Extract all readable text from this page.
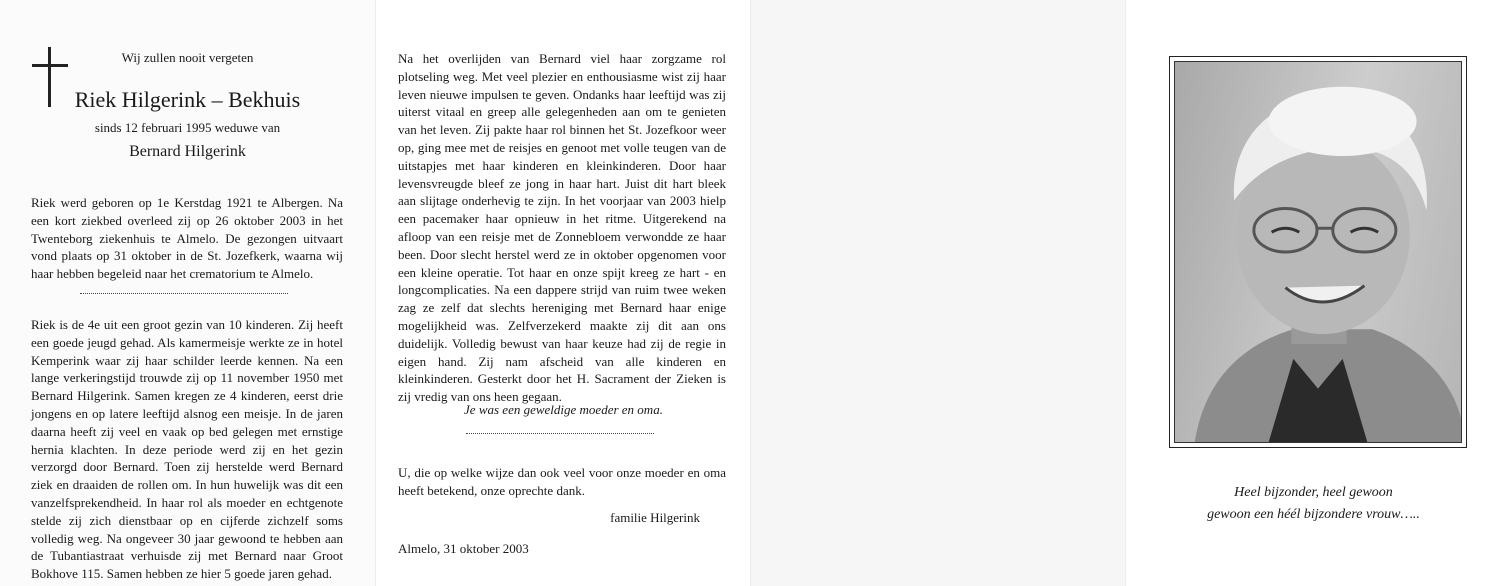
Wij zullen nooit vergeten
Riek Hilgerink – Bekhuis
sinds 12 februari 1995 weduwe van
Bernard Hilgerink

Riek werd geboren op 1e Kerstdag 1921 te Albergen. Na een kort ziekbed overleed zij op 26 oktober 2003 in het Twenteborg ziekenhuis te Almelo. De gezongen uitvaart vond plaats op 31 oktober in de St. Jozefkerk, waarna wij haar hebben begeleid naar het crematorium te Almelo.

Riek is de 4e uit een groot gezin van 10 kinderen. Zij heeft een goede jeugd gehad. Als kamermeisje werkte ze in hotel Kemperink waar zij haar schilder leerde kennen. Na een lange verkeringstijd trouwde zij op 11 november 1950 met Bernard Hilgerink. Samen kregen ze 4 kinderen, eerst drie jongens en op latere leeftijd alsnog een meisje. In de jaren daarna heeft zij veel en vaak op bed gelegen met ernstige hernia klachten. In deze periode werd zij en het gezin verzorgd door Bernard. Toen zij herstelde werd Bernard ziek en draaiden de rollen om. In hun huwelijk was dit een vanzelfsprekendheid. In haar rol als moeder en echtgenote stelde zij zich dienstbaar op en cijferde zichzelf soms volledig weg. Na ongeveer 30 jaar gewoond te hebben aan de Tubantiastraat verhuisde zij met Bernard naar Groot Bokhove 115. Samen hebben ze hier 5 goede jaren gehad.

Na het overlijden van Bernard viel haar zorgzame rol plotseling weg. Met veel plezier en enthousiasme wist zij haar leven nieuwe impulsen te geven. Ondanks haar leeftijd was zij uiterst vitaal en greep alle gelegenheden aan om te genieten van het leven. Zij pakte haar rol binnen het St. Jozefkoor weer op, ging mee met de reisjes en genoot met volle teugen van de uitstapjes met haar kinderen en kleinkinderen. Door haar levensvreugde bleef ze jong in haar hart. Juist dit hart bleek aan slijtage onderhevig te zijn. In het voorjaar van 2003 hielp een pacemaker haar opnieuw in het ritme. Uitgerekend na afloop van een reisje met de Zonnebloem verwondde ze haar been. Door slecht herstel werd ze in oktober opgenomen voor een kleine operatie. Tot haar en onze spijt kreeg ze hart - en longcomplicaties. Na een dappere strijd van ruim twee weken zag ze zelf dat slechts hereniging met Bernard haar enige mogelijkheid was. Zelfverzekerd maakte zij dit aan ons duidelijk. Volledig bewust van haar keuze had zij de regie in eigen hand. Zij nam afscheid van alle kinderen en kleinkinderen. Gesterkt door het H. Sacrament der Zieken is zij vredig van ons heen gegaan.

Je was een geweldige moeder en oma.

U, die op welke wijze dan ook veel voor onze moeder en oma heeft betekend, onze oprechte dank.

familie Hilgerink
Almelo, 31 oktober 2003
Heel bijzonder, heel gewoon
gewoon een héél bijzondere vrouw…..
